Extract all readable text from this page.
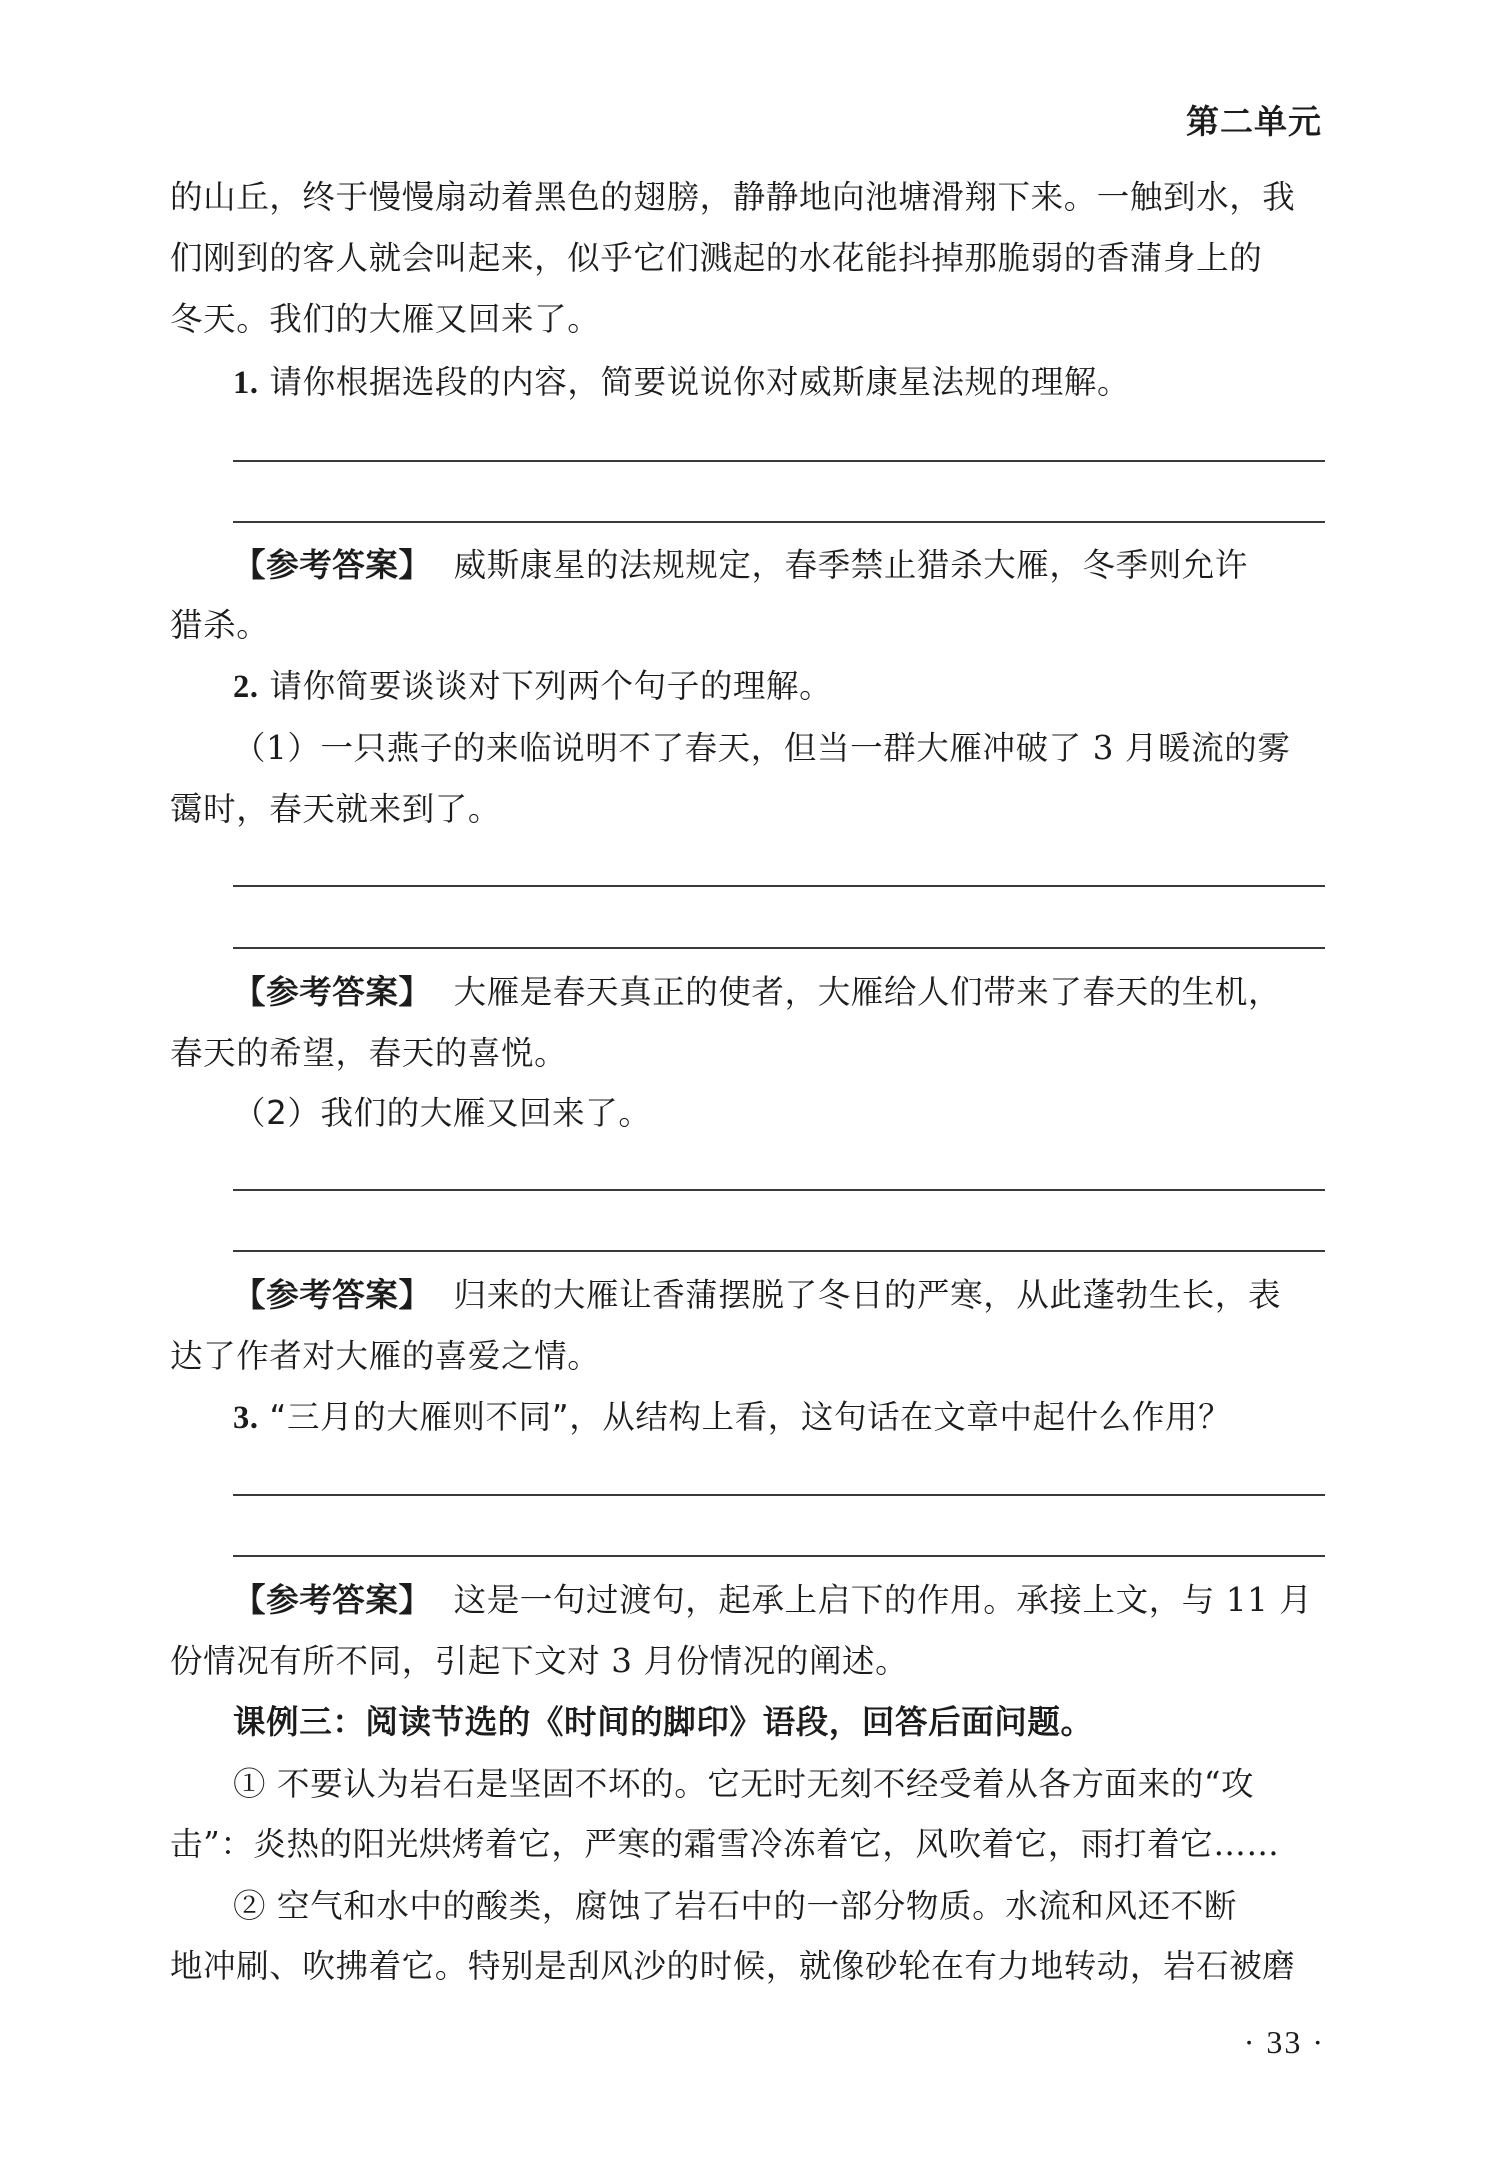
第二单元
的山丘，终于慢慢扇动着黑色的翅膀，静静地向池塘滑翔下来。一触到水，我
们刚到的客人就会叫起来，似乎它们溅起的水花能抖掉那脆弱的香蒲身上的
冬天。我们的大雁又回来了。
1. 请你根据选段的内容，简要说说你对威斯康星法规的理解。
【参考答案】 威斯康星的法规规定，春季禁止猎杀大雁，冬季则允许
猎杀。
2. 请你简要谈谈对下列两个句子的理解。
（1）一只燕子的来临说明不了春天，但当一群大雁冲破了 3 月暖流的雾
霭时，春天就来到了。
【参考答案】 大雁是春天真正的使者，大雁给人们带来了春天的生机，
春天的希望，春天的喜悦。
（2）我们的大雁又回来了。
【参考答案】 归来的大雁让香蒲摆脱了冬日的严寒，从此蓬勃生长，表
达了作者对大雁的喜爱之情。
3. “三月的大雁则不同”，从结构上看，这句话在文章中起什么作用？
【参考答案】 这是一句过渡句，起承上启下的作用。承接上文，与 11 月
份情况有所不同，引起下文对 3 月份情况的阐述。
课例三：阅读节选的《时间的脚印》语段，回答后面问题。
① 不要认为岩石是坚固不坏的。它无时无刻不经受着从各方面来的“攻
击”：炎热的阳光烘烤着它，严寒的霜雪冷冻着它，风吹着它，雨打着它……
② 空气和水中的酸类，腐蚀了岩石中的一部分物质。水流和风还不断
地冲刷、吹拂着它。特别是刮风沙的时候，就像砂轮在有力地转动，岩石被磨
· 33 ·
